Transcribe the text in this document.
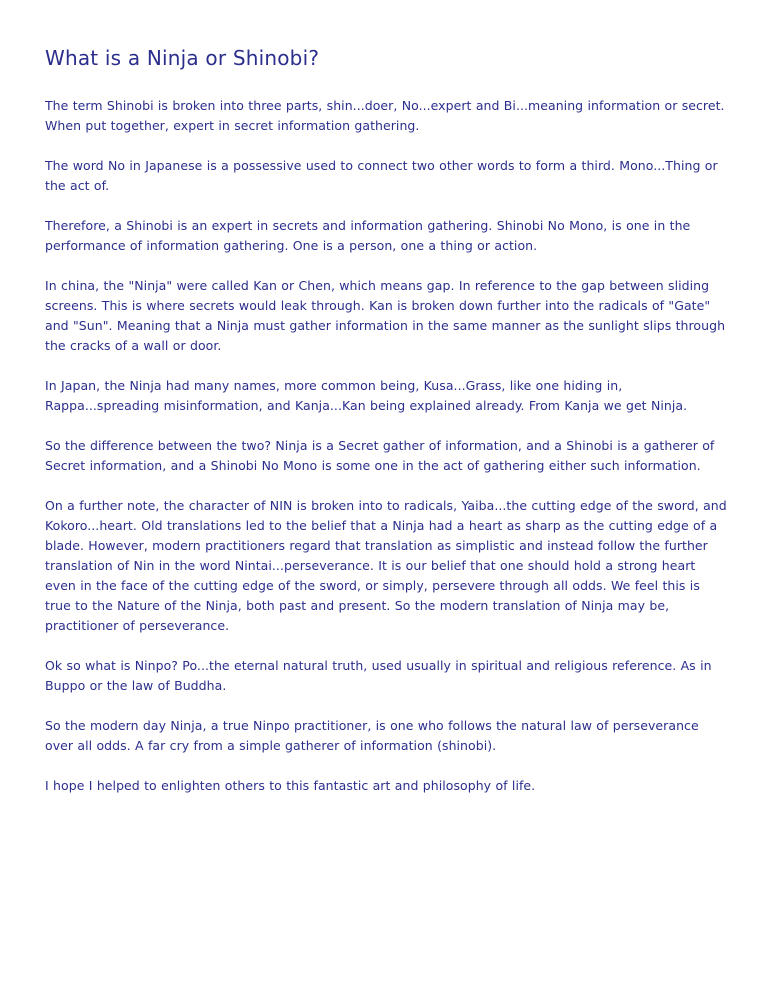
What is a Ninja or Shinobi?

The term Shinobi is broken into three parts, shin...doer, No...expert and Bi...meaning information or secret. When put together, expert in secret information gathering.

The word No in Japanese is a possessive used to connect two other words to form a third. Mono...Thing or the act of.

Therefore, a Shinobi is an expert in secrets and information gathering. Shinobi No Mono, is one in the performance of information gathering. One is a person, one a thing or action.

In china, the "Ninja" were called Kan or Chen, which means gap. In reference to the gap between sliding screens. This is where secrets would leak through. Kan is broken down further into the radicals of "Gate" and "Sun". Meaning that a Ninja must gather information in the same manner as the sunlight slips through the cracks of a wall or door.

In Japan, the Ninja had many names, more common being, Kusa...Grass, like one hiding in, Rappa...spreading misinformation, and Kanja...Kan being explained already. From Kanja we get Ninja.

So the difference between the two? Ninja is a Secret gather of information, and a Shinobi is a gatherer of Secret information, and a Shinobi No Mono is some one in the act of gathering either such information.

On a further note, the character of NIN is broken into to radicals, Yaiba...the cutting edge of the sword, and Kokoro...heart. Old translations led to the belief that a Ninja had a heart as sharp as the cutting edge of a blade. However, modern practitioners regard that translation as simplistic and instead follow the further translation of Nin in the word Nintai...perseverance. It is our belief that one should hold a strong heart even in the face of the cutting edge of the sword, or simply, persevere through all odds. We feel this is true to the Nature of the Ninja, both past and present. So the modern translation of Ninja may be, practitioner of perseverance.

Ok so what is Ninpo? Po...the eternal natural truth, used usually in spiritual and religious reference. As in Buppo or the law of Buddha.

So the modern day Ninja, a true Ninpo practitioner, is one who follows the natural law of perseverance over all odds. A far cry from a simple gatherer of information (shinobi).

I hope I helped to enlighten others to this fantastic art and philosophy of life.
